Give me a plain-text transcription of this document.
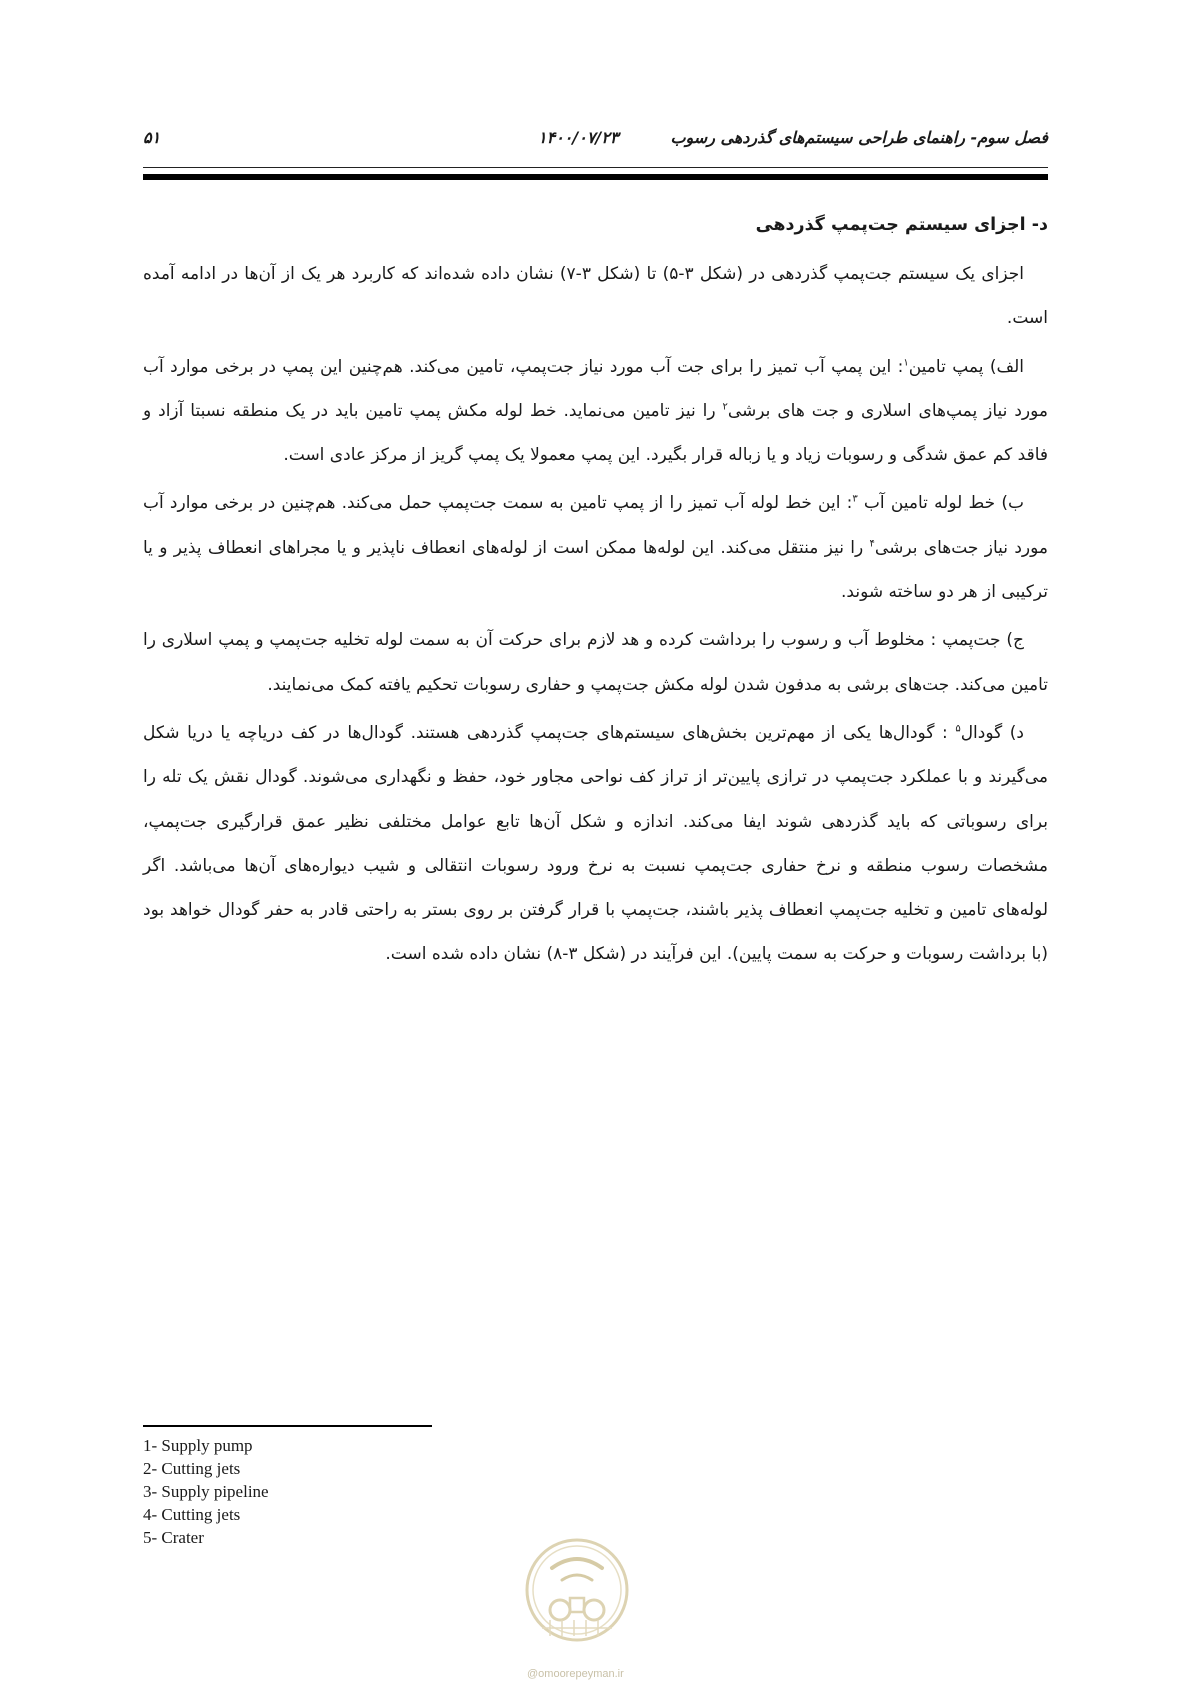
فصل سوم- راهنمای طراحی سیستم‌های گذردهی رسوب
۱۴۰۰/۰۷/۲۳
۵۱
د- اجزای سیستم جت‌پمپ گذردهی

اجزای یک سیستم جت‌پمپ گذردهی در (شکل ۳-۵) تا (شکل ۳-۷) نشان داده شده‌اند که کاربرد هر یک از آن‌ها در ادامه آمده است.

الف) پمپ تامین$^۱$: این پمپ آب تمیز را برای جت آب مورد نیاز جت‌پمپ، تامین می‌کند. هم‌چنین این پمپ در برخی موارد آب مورد نیاز پمپ‌های اسلاری و جت های برشی$^۲$ را نیز تامین می‌نماید. خط لوله مکش پمپ تامین باید در یک منطقه نسبتا آزاد و فاقد کم عمق شدگی و رسوبات زیاد و یا زباله قرار بگیرد. این پمپ معمولا یک پمپ گریز از مرکز عادی است.

ب) خط لوله تامین آب $^۳$: این خط لوله آب تمیز را از پمپ تامین به سمت جت‌پمپ حمل می‌کند. هم‌چنین در برخی موارد آب مورد نیاز جت‌های برشی$^۴$ را نیز منتقل می‌کند. این لوله‌ها ممکن است از لوله‌های انعطاف ناپذیر و یا مجراهای انعطاف پذیر و یا ترکیبی از هر دو ساخته شوند.

ج) جت‌پمپ : مخلوط آب و رسوب را برداشت کرده و هد لازم برای حرکت آن به سمت لوله تخلیه جت‌پمپ و پمپ اسلاری را تامین می‌کند. جت‌های برشی به مدفون شدن لوله مکش جت‌پمپ و حفاری رسوبات تحکیم یافته کمک می‌نمایند.

د) گودال$^۵$ : گودال‌ها یکی از مهم‌ترین بخش‌های سیستم‌های جت‌پمپ گذردهی هستند. گودال‌ها در کف دریاچه یا دریا شکل می‌گیرند و با عملکرد جت‌پمپ در ترازی پایین‌تر از تراز کف نواحی مجاور خود، حفظ و نگهداری می‌شوند. گودال نقش یک تله را برای رسوباتی که باید گذردهی شوند ایفا می‌کند. اندازه و شکل آن‌ها تابع عوامل مختلفی نظیر عمق قرارگیری جت‌پمپ، مشخصات رسوب منطقه و نرخ حفاری جت‌پمپ نسبت به نرخ ورود رسوبات انتقالی و شیب دیواره‌های آن‌ها می‌باشد. اگر لوله‌های تامین و تخلیه جت‌پمپ انعطاف پذیر باشند، جت‌پمپ با قرار گرفتن بر روی بستر به راحتی قادر به حفر گودال خواهد بود (با برداشت رسوبات و حرکت به سمت پایین). این فرآیند در (شکل ۳-۸) نشان داده شده است.

1- Supply pump
2- Cutting jets
3- Supply pipeline
4- Cutting jets
5- Crater
@omoorepeyman.ir
